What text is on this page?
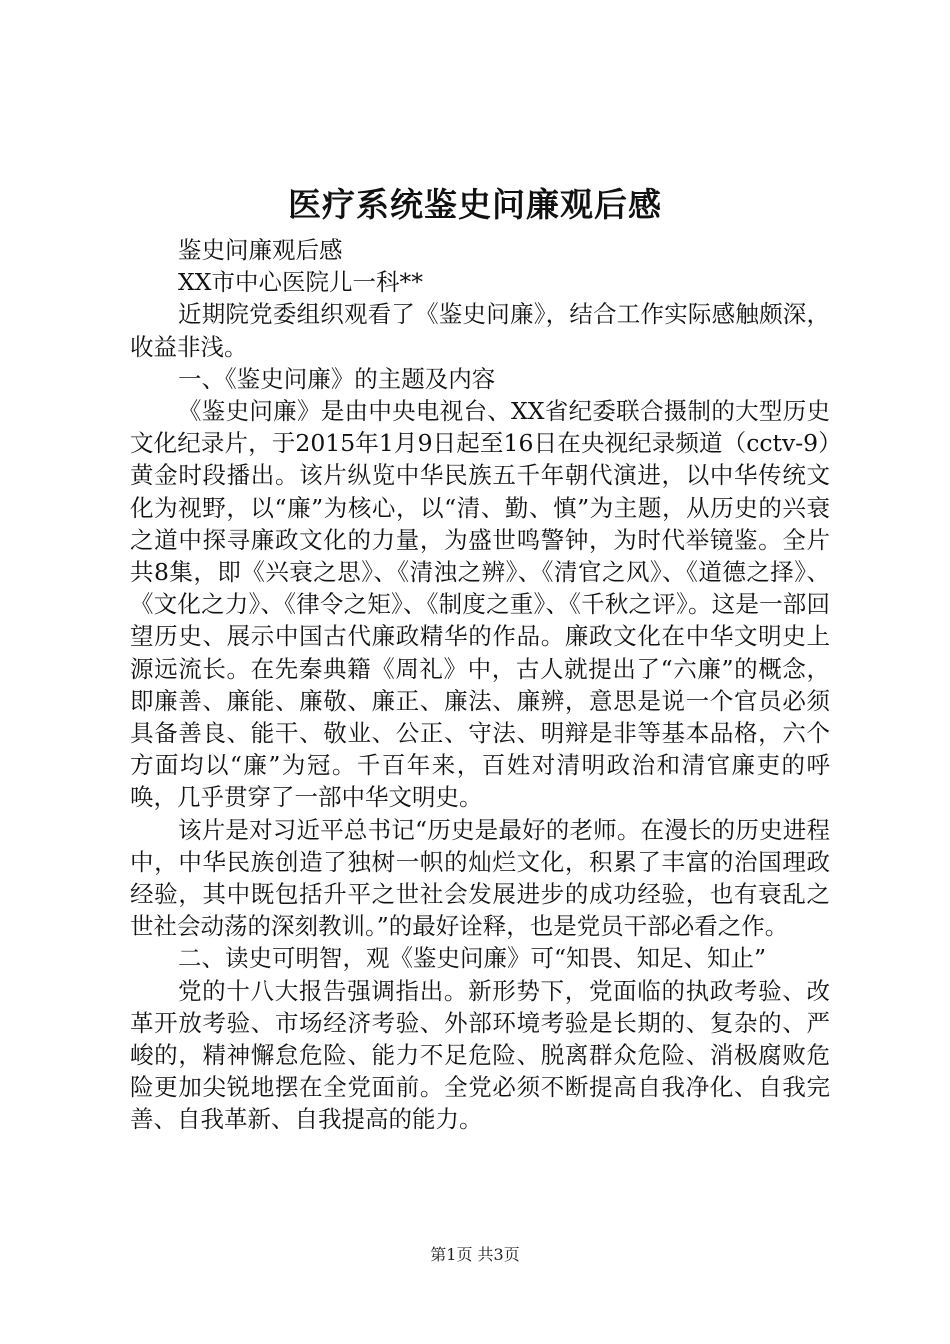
医疗系统鉴史问廉观后感

鉴史问廉观后感

XX市中心医院儿一科**

近期院党委组织观看了《鉴史问廉》，结合工作实际感触颇深，收益非浅。

一、《鉴史问廉》的主题及内容

《鉴史问廉》是由中央电视台、XX省纪委联合摄制的大型历史文化纪录片，于2015年1月9日起至16日在央视纪录频道（cctv-9）黄金时段播出。该片纵览中华民族五千年朝代演进，以中华传统文化为视野，以“廉”为核心，以“清、勤、慎”为主题，从历史的兴衰之道中探寻廉政文化的力量，为盛世鸣警钟，为时代举镜鉴。全片共8集，即《兴衰之思》、《清浊之辨》、《清官之风》、《道德之择》、《文化之力》、《律令之矩》、《制度之重》、《千秋之评》。这是一部回望历史、展示中国古代廉政精华的作品。廉政文化在中华文明史上源远流长。在先秦典籍《周礼》中，古人就提出了“六廉”的概念，即廉善、廉能、廉敬、廉正、廉法、廉辨，意思是说一个官员必须具备善良、能干、敬业、公正、守法、明辩是非等基本品格，六个方面均以“廉”为冠。千百年来，百姓对清明政治和清官廉吏的呼唤，几乎贯穿了一部中华文明史。

该片是对习近平总书记“历史是最好的老师。在漫长的历史进程中，中华民族创造了独树一帜的灿烂文化，积累了丰富的治国理政经验，其中既包括升平之世社会发展进步的成功经验，也有衰乱之世社会动荡的深刻教训。”的最好诠释，也是党员干部必看之作。

二、读史可明智，观《鉴史问廉》可“知畏、知足、知止”

党的十八大报告强调指出。新形势下，党面临的执政考验、改革开放考验、市场经济考验、外部环境考验是长期的、复杂的、严峻的，精神懈怠危险、能力不足危险、脱离群众危险、消极腐败危险更加尖锐地摆在全党面前。全党必须不断提高自我净化、自我完善、自我革新、自我提高的能力。

第1页 共3页
